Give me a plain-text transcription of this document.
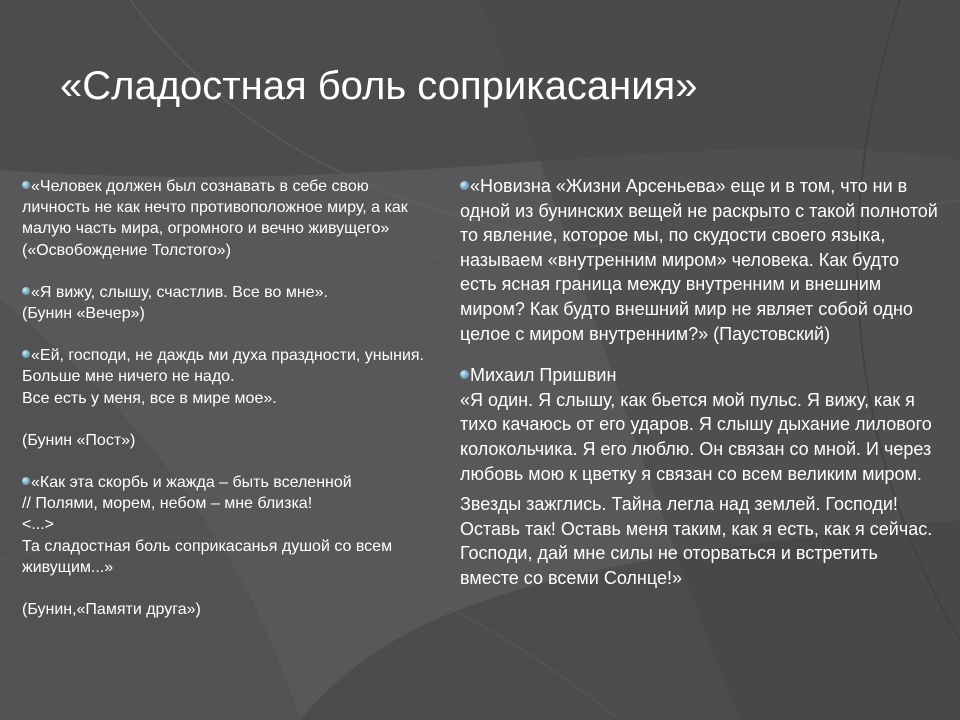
«Сладостная боль соприкасания»

«Человек должен был сознавать в себе свою личность не как нечто противоположное миру, а как малую часть мира, огромного и вечно живущего» («Освобождение Толстого»)

«Я вижу, слышу, счастлив. Все во мне».
(Бунин «Вечер»)

«Ей, господи, не даждь ми духа праздности, уныния.
Больше мне ничего не надо.
Все есть у меня, все в мире мое».

(Бунин «Пост»)

«Как эта скорбь и жажда – быть вселенной
// Полями, морем, небом – мне близка!
<...>
Та сладостная боль соприкасанья душой со всем живущим...»

(Бунин,«Памяти друга»)

«Новизна «Жизни Арсеньева» еще и в том, что ни в одной из бунинских вещей не раскрыто с такой полнотой то явление, которое мы, по скудости своего языка, называем «внутренним миром» человека. Как будто есть ясная граница между внутренним и внешним миром? Как будто внешний мир не являет собой одно целое с миром внутренним?» (Паустовский)

Михаил Пришвин

«Я один. Я слышу, как бьется мой пульс. Я вижу, как я тихо качаюсь от его ударов. Я слышу дыхание лилового колокольчика. Я его люблю. Он связан со мной. И через любовь мою к цветку я связан со всем великим миром.

Звезды зажглись. Тайна легла над землей. Господи! Оставь так! Оставь меня таким, как я есть, как я сейчас. Господи, дай мне силы не оторваться и встретить вместе со всеми Солнце!»
